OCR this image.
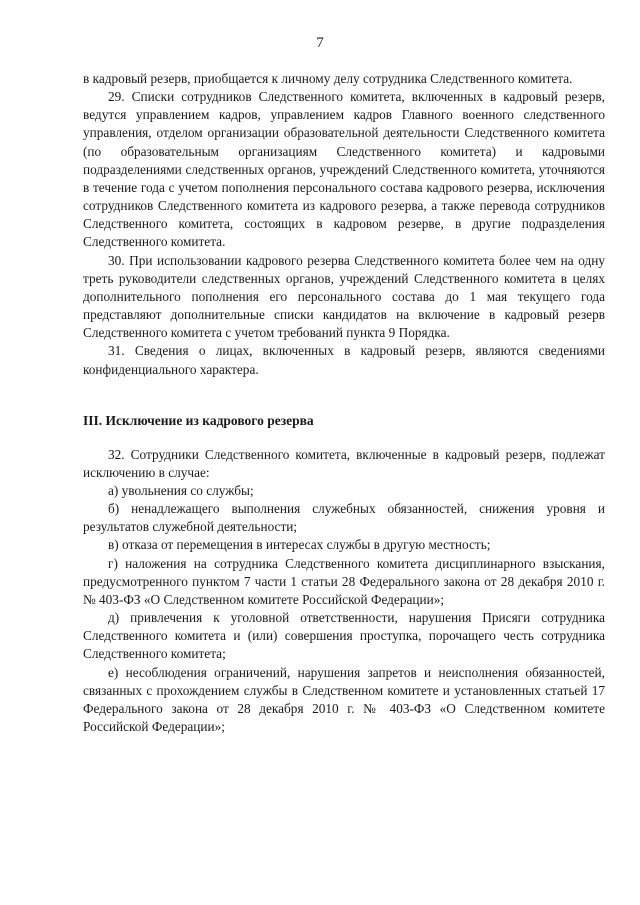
7

в кадровый резерв, приобщается к личному делу сотрудника Следственного комитета.

29. Списки сотрудников Следственного комитета, включенных в кадровый резерв, ведутся управлением кадров, управлением кадров Главного военного следственного управления, отделом организации образовательной деятельности Следственного комитета (по образовательным организациям Следственного комитета) и кадровыми подразделениями следственных органов, учреждений Следственного комитета, уточняются в течение года с учетом пополнения персонального состава кадрового резерва, исключения сотрудников Следственного комитета из кадрового резерва, а также перевода сотрудников Следственного комитета, состоящих в кадровом резерве, в другие подразделения Следственного комитета.

30. При использовании кадрового резерва Следственного комитета более чем на одну треть руководители следственных органов, учреждений Следственного комитета в целях дополнительного пополнения его персонального состава до 1 мая текущего года представляют дополнительные списки кандидатов на включение в кадровый резерв Следственного комитета с учетом требований пункта 9 Порядка.

31. Сведения о лицах, включенных в кадровый резерв, являются сведениями конфиденциального характера.

III. Исключение из кадрового резерва

32. Сотрудники Следственного комитета, включенные в кадровый резерв, подлежат исключению в случае:

а) увольнения со службы;

б) ненадлежащего выполнения служебных обязанностей, снижения уровня и результатов служебной деятельности;

в) отказа от перемещения в интересах службы в другую местность;

г) наложения на сотрудника Следственного комитета дисциплинарного взыскания, предусмотренного пунктом 7 части 1 статьи 28 Федерального закона от 28 декабря 2010 г. № 403-ФЗ «О Следственном комитете Российской Федерации»;

д) привлечения к уголовной ответственности, нарушения Присяги сотрудника Следственного комитета и (или) совершения проступка, порочащего честь сотрудника Следственного комитета;

е) несоблюдения ограничений, нарушения запретов и неисполнения обязанностей, связанных с прохождением службы в Следственном комитете и установленных статьей 17 Федерального закона от 28 декабря 2010 г. № 403-ФЗ «О Следственном комитете Российской Федерации»;
